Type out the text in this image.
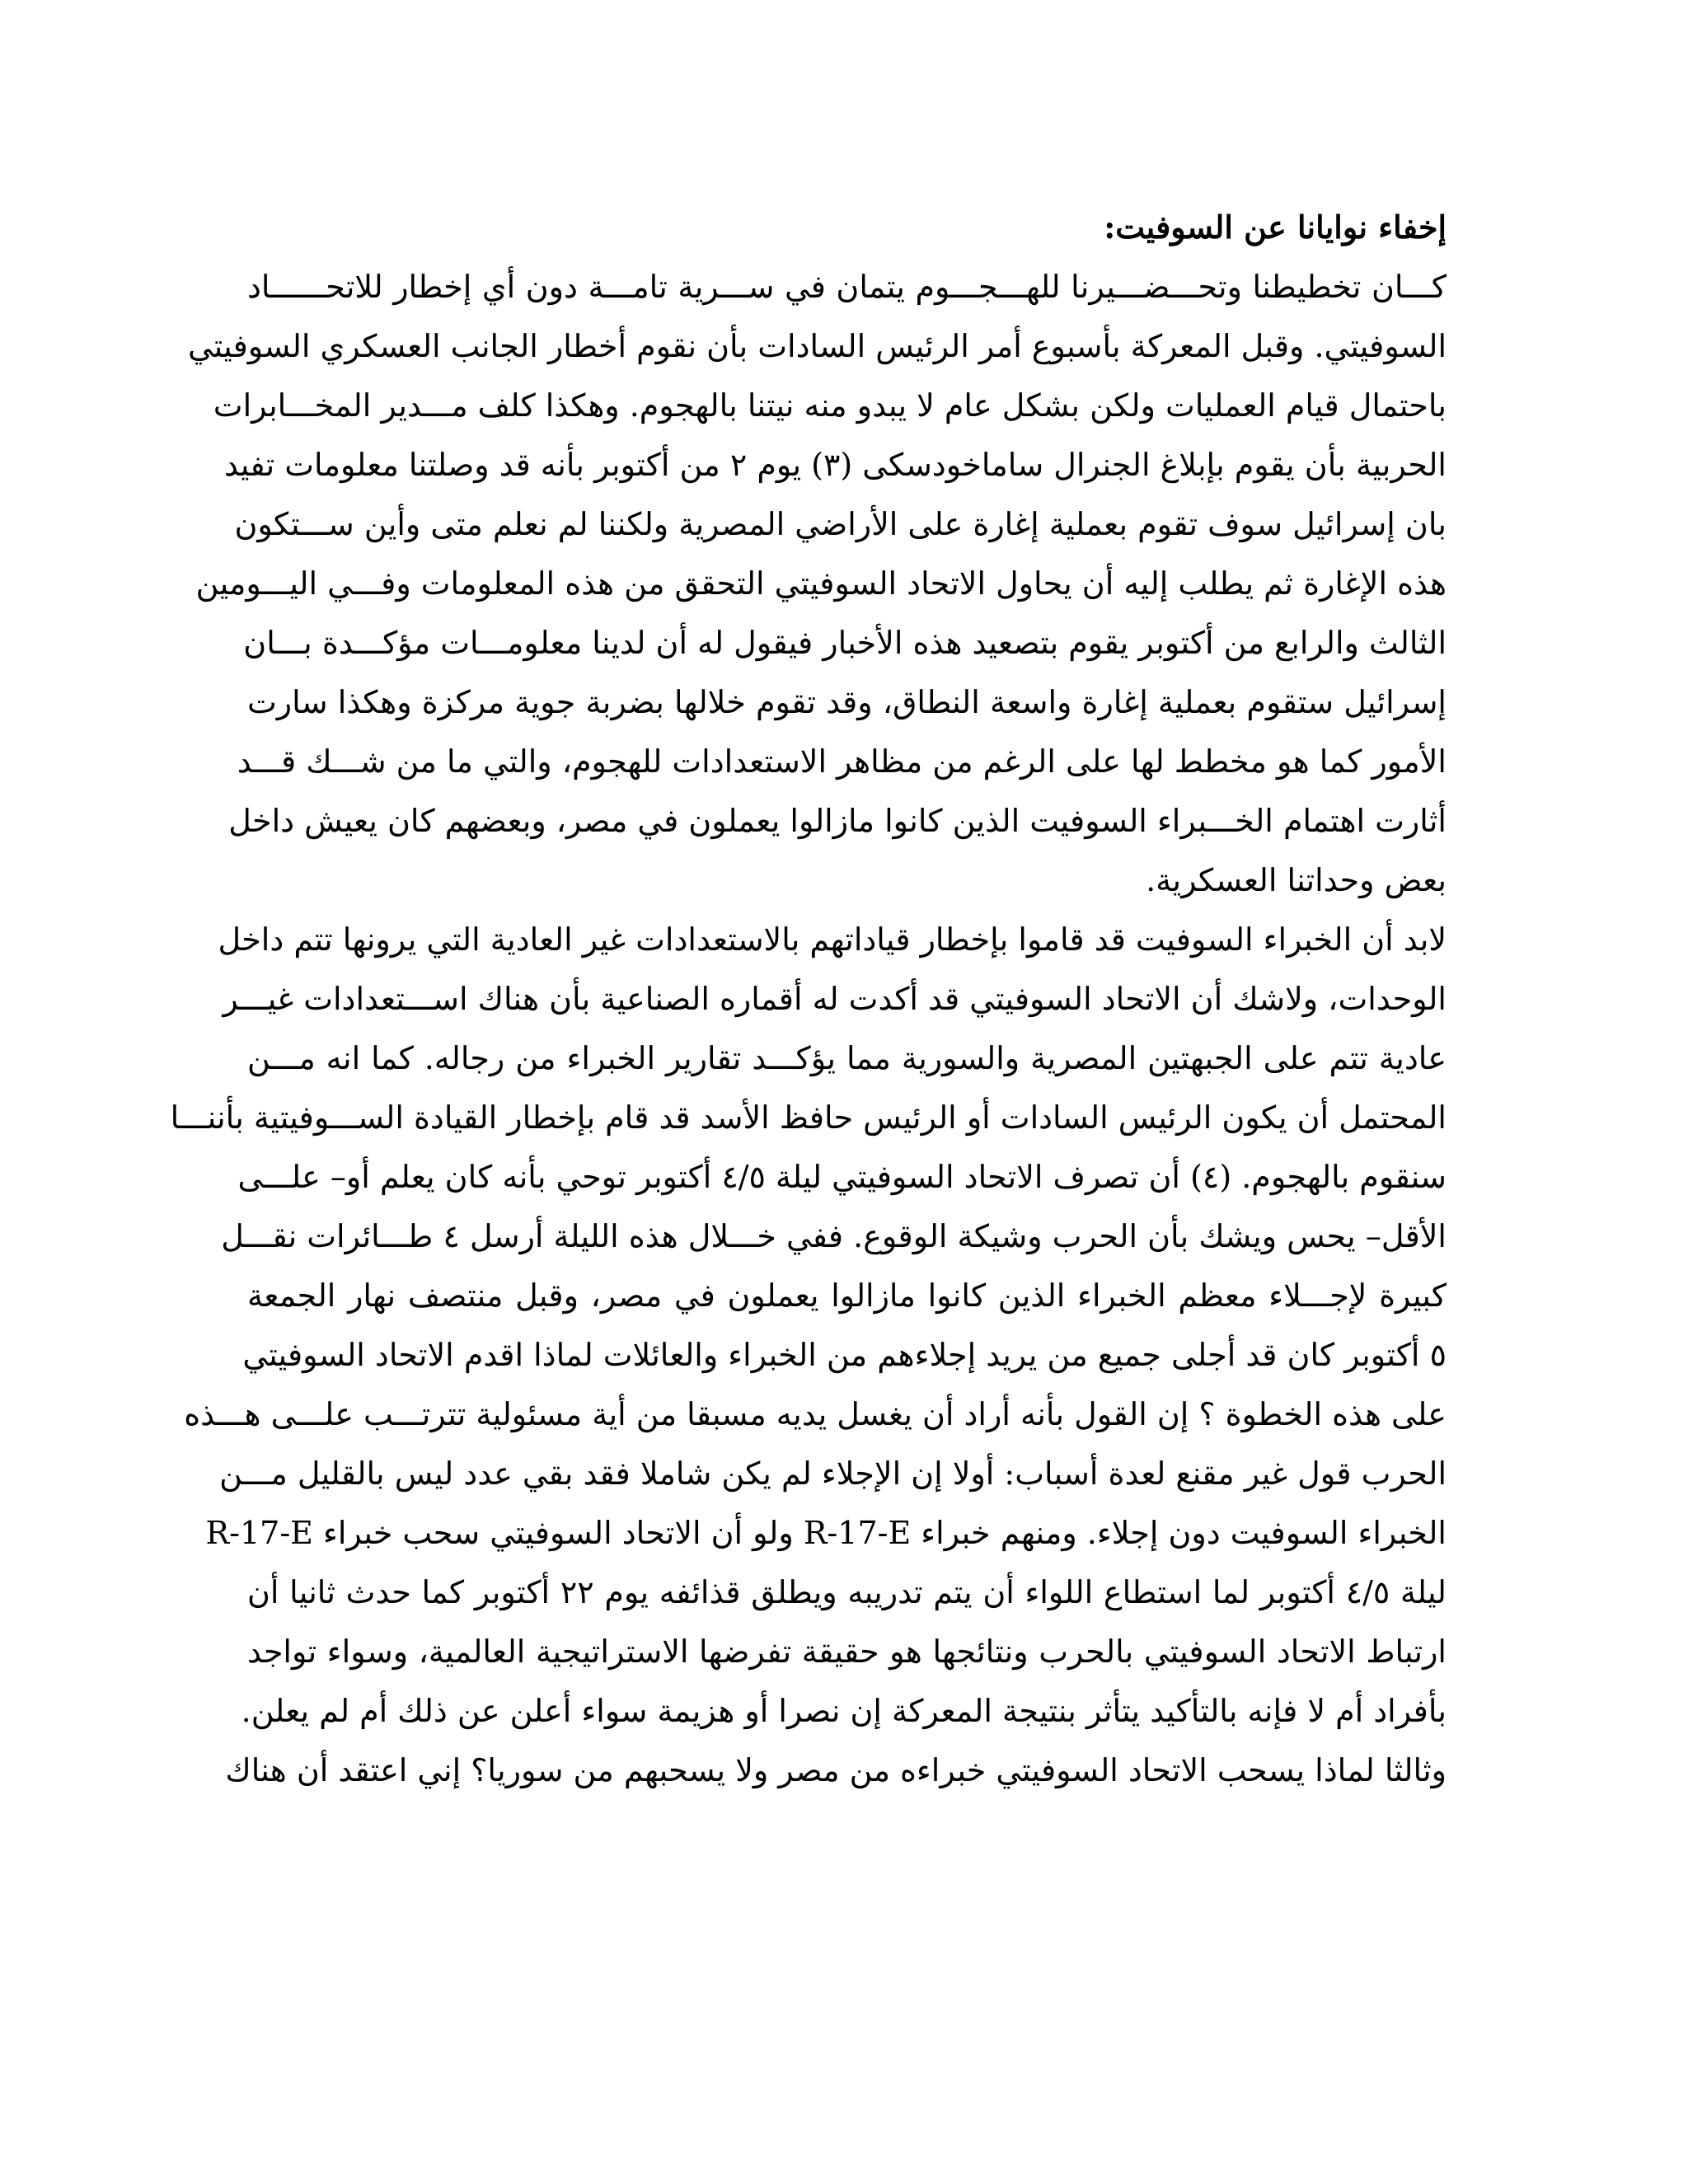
إخفاء نوايانا عن السوفيت:
كـــان تخطيطنا وتحـــضـــيرنا للهـــجـــوم يتمان في ســـرية تامـــة دون أي إخطار للاتحــــــاد
السوفيتي. وقبل المعركة بأسبوع أمر الرئيس السادات بأن نقوم أخطار الجانب العسكري السوفيتي
باحتمال قيام العمليات ولكن بشكل عام لا يبدو منه نيتنا بالهجوم. وهكذا كلف مـــدير المخـــابرات
الحربية بأن يقوم بإبلاغ الجنرال ساماخودسكى (٣) يوم ٢ من أكتوبر بأنه قد وصلتنا معلومات تفيد
بان إسرائيل سوف تقوم بعملية إغارة على الأراضي المصرية ولكننا لم نعلم متى وأين ســـتكون
هذه الإغارة ثم يطلب إليه أن يحاول الاتحاد السوفيتي التحقق من هذه المعلومات وفـــي اليـــومين
الثالث والرابع من أكتوبر يقوم بتصعيد هذه الأخبار فيقول له أن لدينا معلومـــات مؤكـــدة بـــان
إسرائيل ستقوم بعملية إغارة واسعة النطاق، وقد تقوم خلالها بضربة جوية مركزة وهكذا سارت
الأمور كما هو مخطط لها على الرغم من مظاهر الاستعدادات للهجوم، والتي ما من شـــك قـــد
أثارت اهتمام الخـــبراء السوفيت الذين كانوا مازالوا يعملون في مصر، وبعضهم كان يعيش داخل
بعض وحداتنا العسكرية.
لابد أن الخبراء السوفيت قد قاموا بإخطار قياداتهم بالاستعدادات غير العادية التي يرونها تتم داخل
الوحدات، ولاشك أن الاتحاد السوفيتي قد أكدت له أقماره الصناعية بأن هناك اســـتعدادات غيـــر
عادية تتم على الجبهتين المصرية والسورية مما يؤكـــد تقارير الخبراء من رجاله. كما انه مـــن
المحتمل أن يكون الرئيس السادات أو الرئيس حافظ الأسد قد قام بإخطار القيادة الســـوفيتية بأننـــا
سنقوم بالهجوم. (٤) أن تصرف الاتحاد السوفيتي ليلة ٤/٥ أكتوبر توحي بأنه كان يعلم أو– علـــى
الأقل– يحس ويشك بأن الحرب وشيكة الوقوع. ففي خـــلال هذه الليلة أرسل ٤ طـــائرات نقـــل
كبيرة لإجـــلاء معظم الخبراء الذين كانوا مازالوا يعملون في مصر، وقبل منتصف نهار الجمعة
٥ أكتوبر كان قد أجلى جميع من يريد إجلاءهم من الخبراء والعائلات لماذا اقدم الاتحاد السوفيتي
على هذه الخطوة ؟ إن القول بأنه أراد أن يغسل يديه مسبقا من أية مسئولية تترتـــب علـــى هـــذه
الحرب قول غير مقنع لعدة أسباب: أولا إن الإجلاء لم يكن شاملا فقد بقي عدد ليس بالقليل مـــن
الخبراء السوفيت دون إجلاء. ومنهم خبراء R-17-E ولو أن الاتحاد السوفيتي سحب خبراء R-17-E
ليلة ٤/٥ أكتوبر لما استطاع اللواء أن يتم تدريبه ويطلق قذائفه يوم ٢٢ أكتوبر كما حدث ثانيا أن
ارتباط الاتحاد السوفيتي بالحرب ونتائجها هو حقيقة تفرضها الاستراتيجية العالمية، وسواء تواجد
بأفراد أم لا فإنه بالتأكيد يتأثر بنتيجة المعركة إن نصرا أو هزيمة سواء أعلن عن ذلك أم لم يعلن.
وثالثا لماذا يسحب الاتحاد السوفيتي خبراءه من مصر ولا يسحبهم من سوريا؟ إني اعتقد أن هناك
